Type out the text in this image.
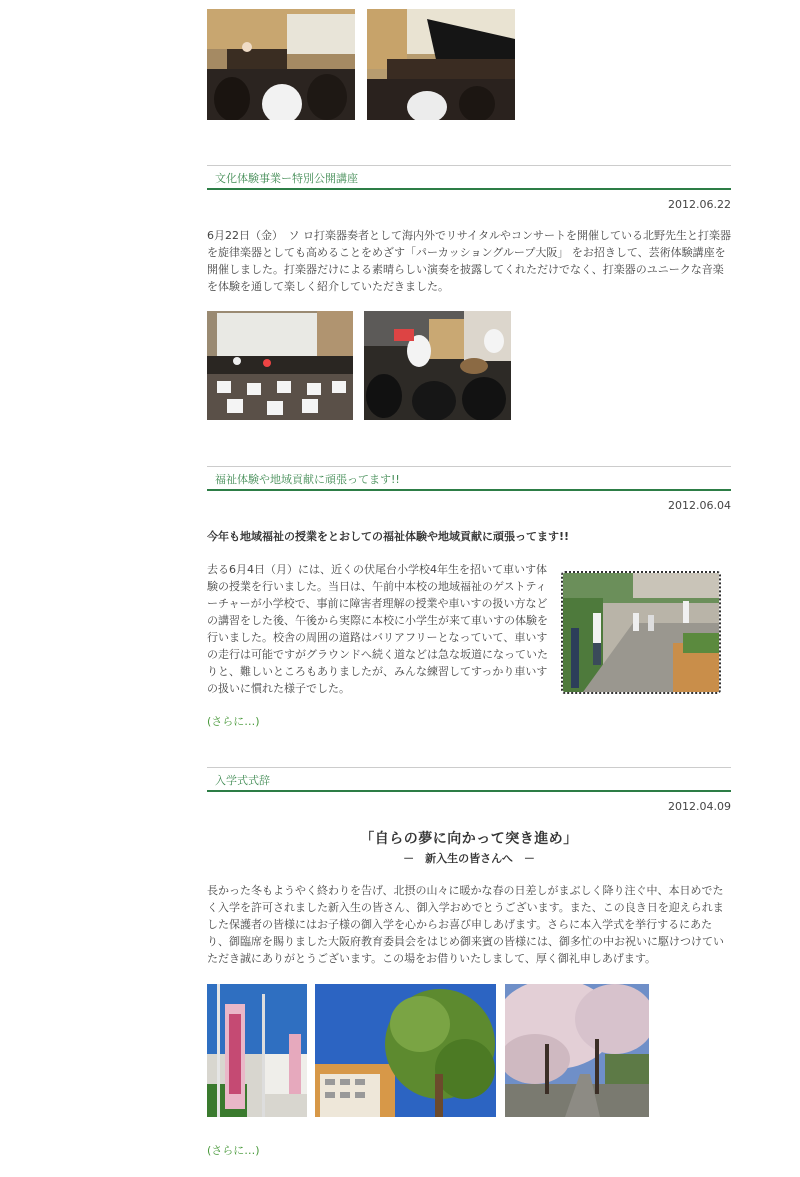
文化体験事業ー特別公開講座
2012.06.22
6月22日（金）　ソ ロ打楽器奏者として海内外でリサイタルやコンサートを開催している北野先生と打楽器を旋律楽器としても高めることをめざす「パーカッショングループ大阪」 をお招きして、芸術体験講座を開催しました。打楽器だけによる素晴らしい演奏を披露してくれただけでなく、打楽器のユニークな音楽を体験を通して楽しく紹介していただきました。
福祉体験や地域貢献に頑張ってます!!
2012.06.04
今年も地域福祉の授業をとおしての福祉体験や地域貢献に頑張ってます!!
去る6月4日（月）には、近くの伏尾台小学校4年生を招いて車いす体験の授業を行いました。当日は、午前中本校の地域福祉のゲストティーチャーが小学校で、事前に障害者理解の授業や車いすの扱い方などの講習をした後、午後から実際に本校に小学生が来て車いすの体験を行いました。校舎の周囲の道路はバリアフリーとなっていて、車いすの走行は可能ですがグラウンドへ続く道などは急な坂道になっていたりと、難しいところもありましたが、みんな練習してすっかり車いすの扱いに慣れた様子でした。
(さらに…)
入学式式辞
2012.04.09
「自らの夢に向かって突き進め」
－　新入生の皆さんへ　－
長かった冬もようやく終わりを告げ、北摂の山々に暖かな春の日差しがまぶしく降り注ぐ中、本日めでたく入学を許可されました新入生の皆さん、御入学おめでとうございます。また、この良き日を迎えられました保護者の皆様にはお子様の御入学を心からお喜び申しあげます。さらに本入学式を挙行するにあたり、御臨席を賜りました大阪府教育委員会をはじめ御来賓の皆様には、御多忙の中お祝いに駆けつけていただき誠にありがとうございます。この場をお借りいたしまして、厚く御礼申しあげます。
(さらに…)
